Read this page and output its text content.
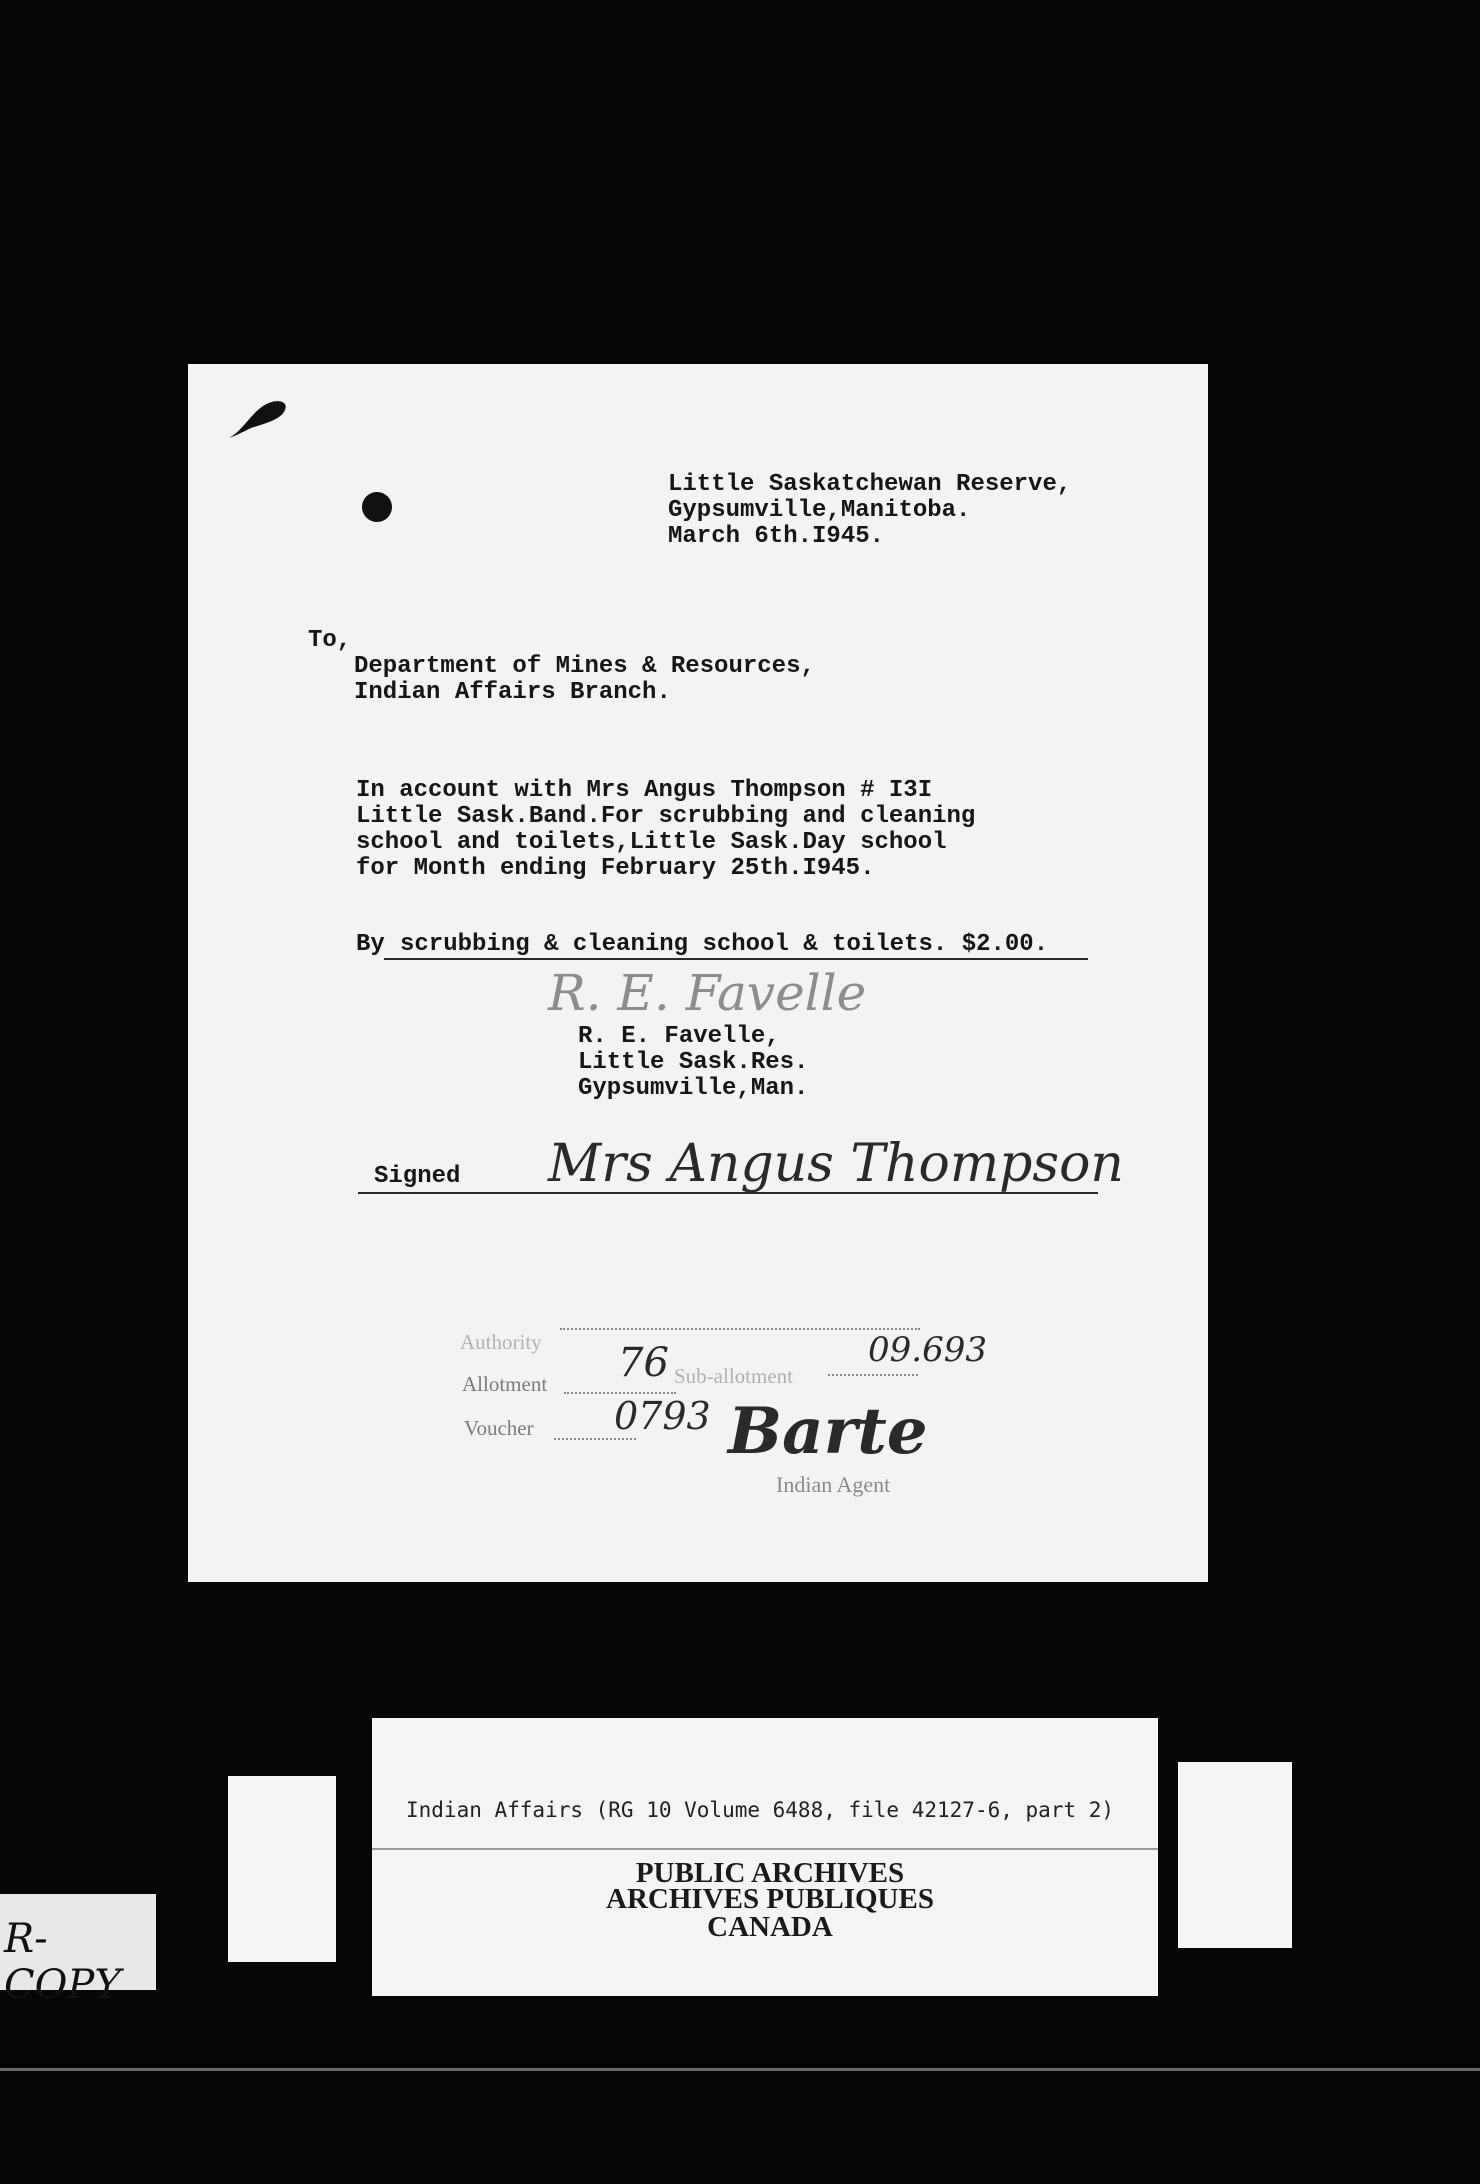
Little Saskatchewan Reserve,
Gypsumville,Manitoba.
March 6th.I945.
To,
Department of Mines & Resources,
Indian Affairs Branch.
In account with Mrs Angus Thompson # I3I
Little Sask.Band.For scrubbing and cleaning
school and toilets,Little Sask.Day school
for Month ending February 25th.I945.
By scrubbing & cleaning school & toilets. $2.00.
R. E. Favelle
R. E. Favelle,
Little Sask.Res.
Gypsumville,Man.
Signed Mrs Angus Thompson
Authority
Allotment 76 Sub-allotment
09.693
Voucher 0793 Barte
Indian Agent
Indian Affairs (RG 10 Volume 6488, file 42127-6, part 2)
PUBLIC ARCHIVES
ARCHIVES PUBLIQUES
CANADA
R-COPY
